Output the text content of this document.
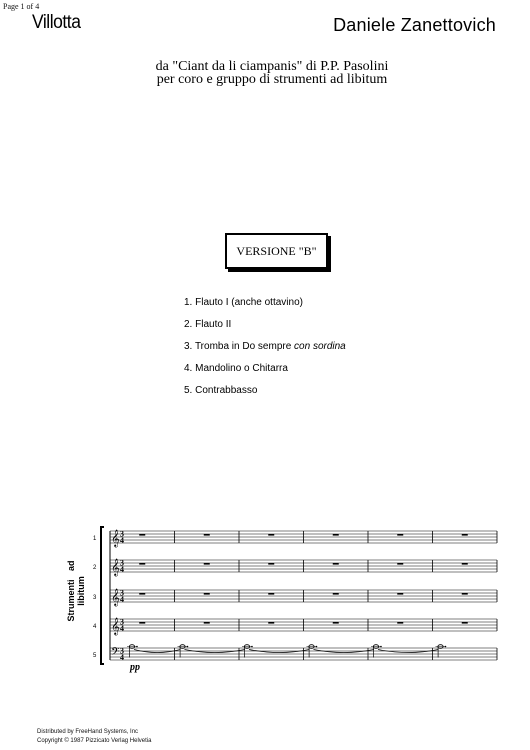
Page 1 of 4
Villotta	Daniele Zanettovich
da "Ciant da li ciampanis" di P.P. Pasolini
per coro e gruppo di strumenti ad libitum
VERSIONE "B"
1. Flauto I (anche ottavino)
2. Flauto II
3. Tromba in Do sempre con sordina
4. Mandolino o Chitarra
5. Contrabbasso
Strumenti ad libitum
1 𝄞 3
4
2 𝄞 3
4
3 𝄞 3
4
4 𝄞 3
4
5 𝄢 3
4
pp
Distributed by FreeHand Systems, Inc
Copyright © 1987 Pizzicato Verlag Helvetia
